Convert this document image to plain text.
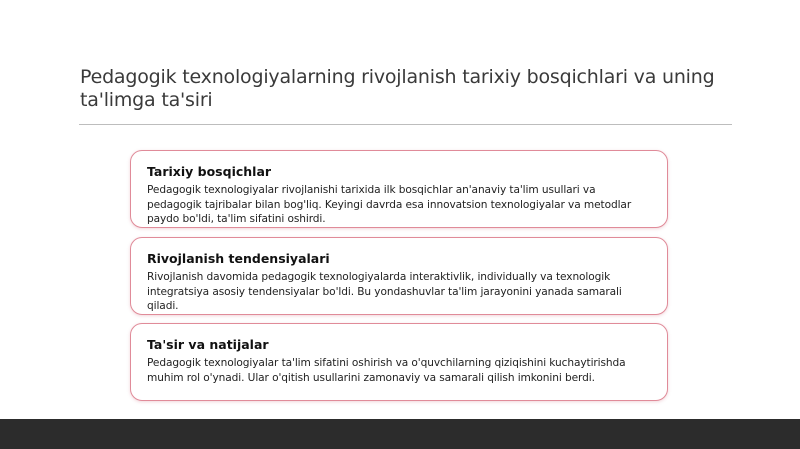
Pedagogik texnologiyalarning rivojlanish tarixiy bosqichlari va uning ta'limga ta'siri
Tarixiy bosqichlar
Pedagogik texnologiyalar rivojlanishi tarixida ilk bosqichlar an'anaviy ta'lim usullari va pedagogik tajribalar bilan bog'liq. Keyingi davrda esa innovatsion texnologiyalar va metodlar paydo bo'ldi, ta'lim sifatini oshirdi.
Rivojlanish tendensiyalari
Rivojlanish davomida pedagogik texnologiyalarda interaktivlik, individually va texnologik integratsiya asosiy tendensiyalar bo'ldi. Bu yondashuvlar ta'lim jarayonini yanada samarali qiladi.
Ta'sir va natijalar
Pedagogik texnologiyalar ta'lim sifatini oshirish va o'quvchilarning qiziqishini kuchaytirishda muhim rol o'ynadi. Ular o'qitish usullarini zamonaviy va samarali qilish imkonini berdi.
